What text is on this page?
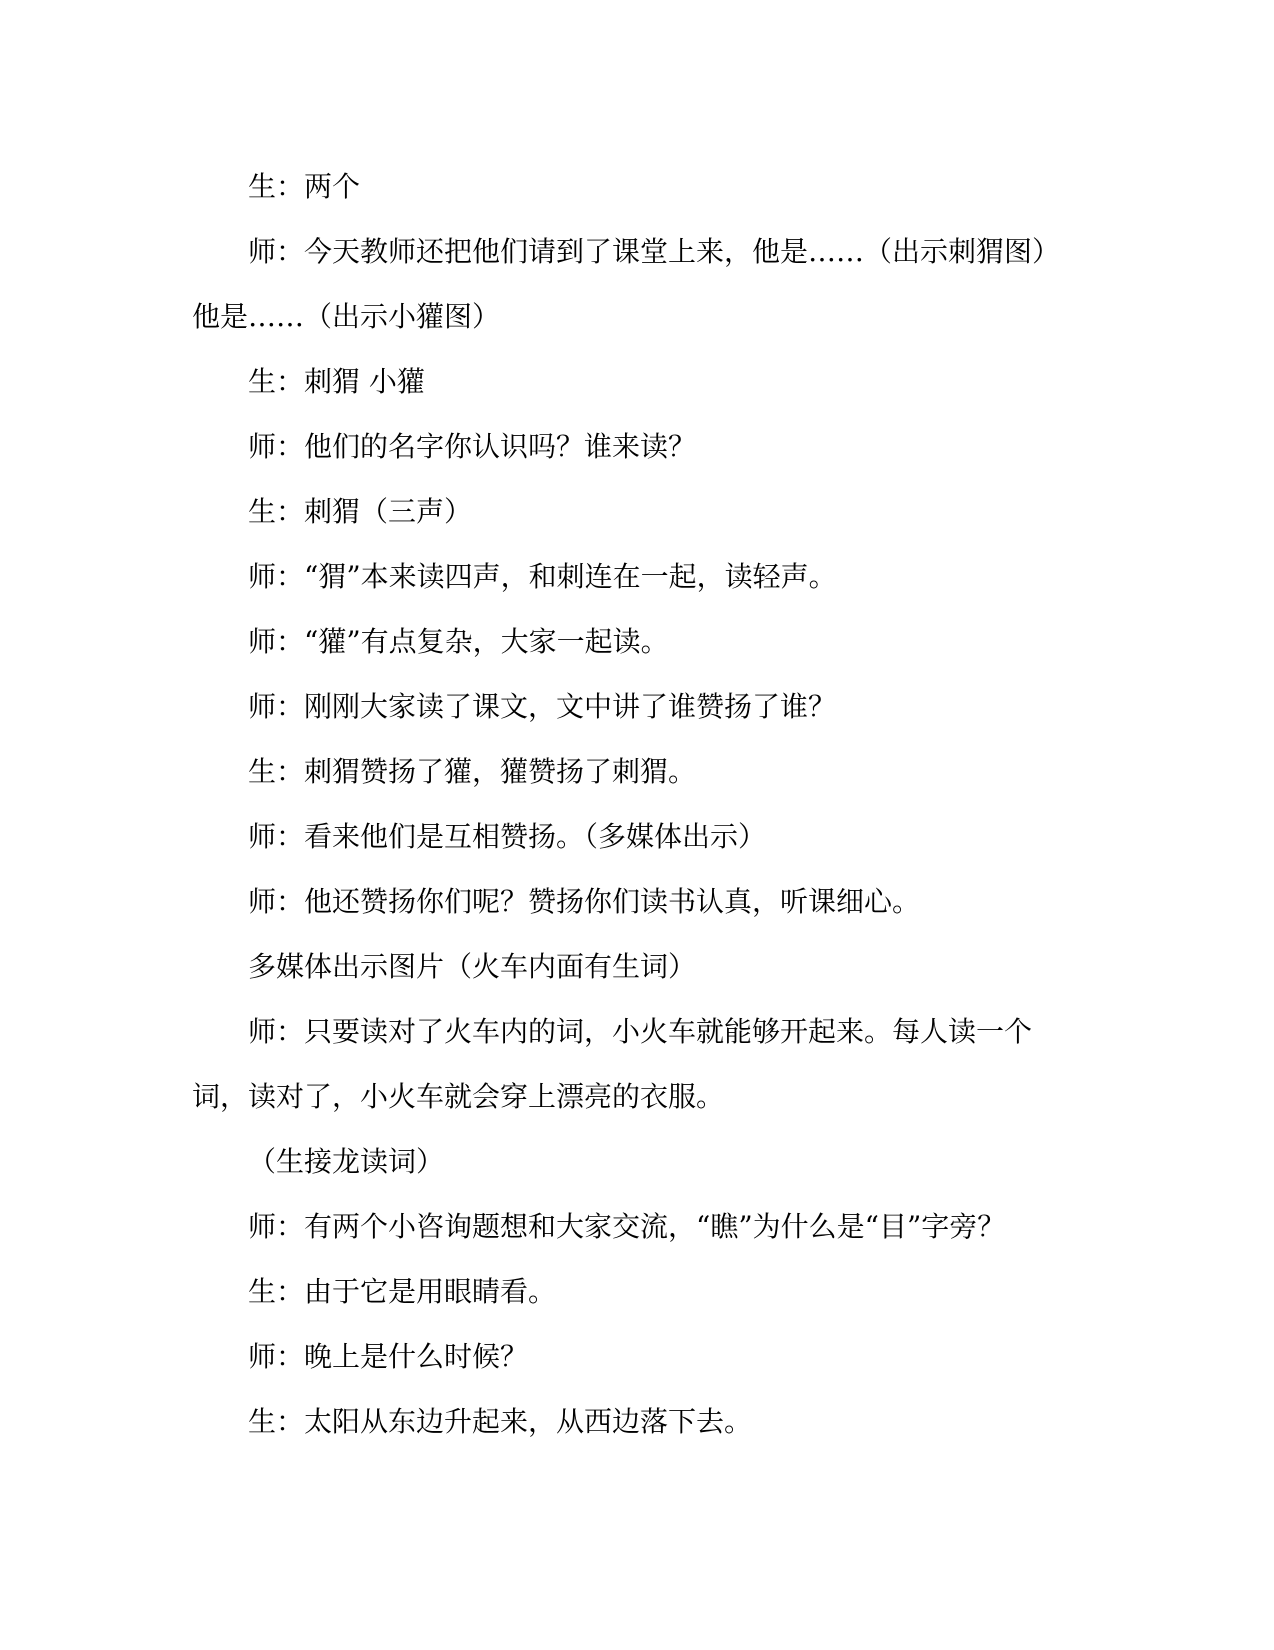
生：两个

师：今天教师还把他们请到了课堂上来，他是……（出示刺猬图）他是……（出示小獾图）

生：刺猬 小獾

师：他们的名字你认识吗？谁来读？

生：刺猬（三声）

师：“猬”本来读四声，和刺连在一起，读轻声。

师：“獾”有点复杂，大家一起读。

师：刚刚大家读了课文，文中讲了谁赞扬了谁？

生：刺猬赞扬了獾，獾赞扬了刺猬。

师：看来他们是互相赞扬。（多媒体出示）

师：他还赞扬你们呢？赞扬你们读书认真，听课细心。

多媒体出示图片（火车内面有生词）

师：只要读对了火车内的词，小火车就能够开起来。每人读一个词，读对了，小火车就会穿上漂亮的衣服。

（生接龙读词）

师：有两个小咨询题想和大家交流，“瞧”为什么是“目”字旁？

生：由于它是用眼睛看。

师：晚上是什么时候？

生：太阳从东边升起来，从西边落下去。
